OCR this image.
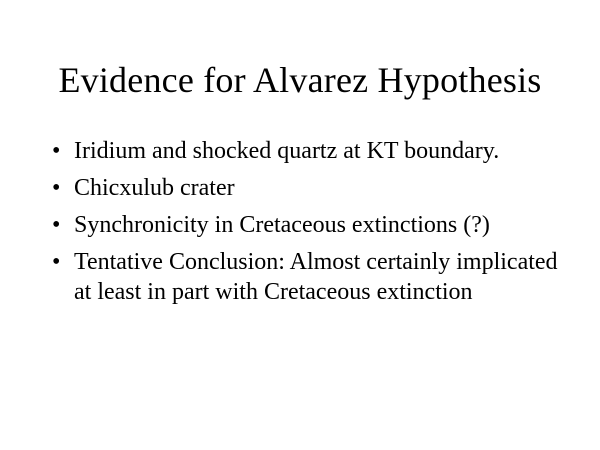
Evidence for Alvarez Hypothesis
• Iridium and shocked quartz at KT boundary.
• Chicxulub crater
• Synchronicity in Cretaceous extinctions (?)
• Tentative Conclusion: Almost certainly implicated at least in part with Cretaceous extinction
